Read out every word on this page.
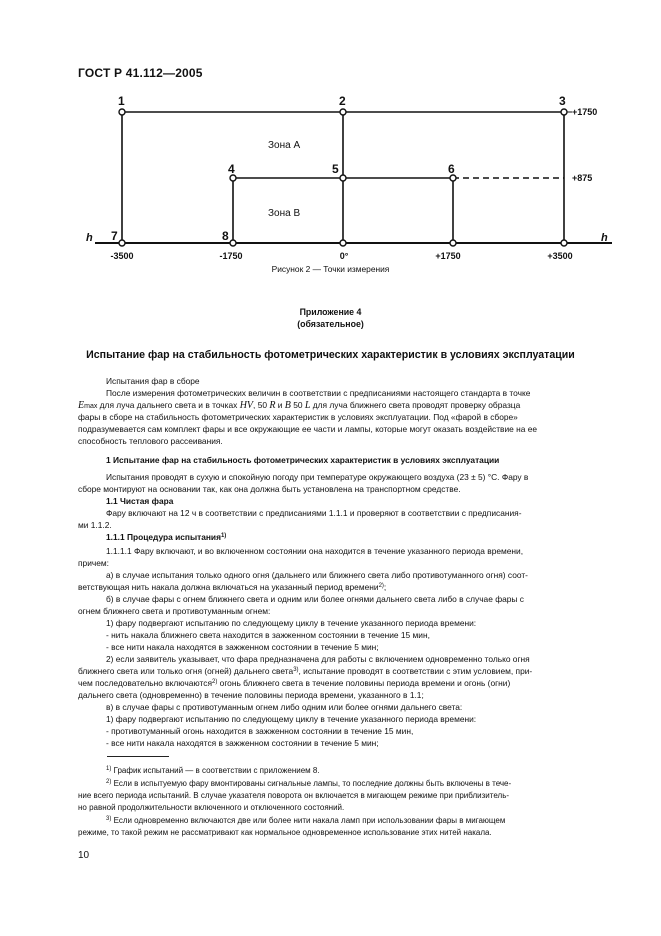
ГОСТ Р 41.112—2005
1	2	3
4	5	6
7	8
Зона A
Зона B
h	h
-3500	-1750	0°	+1750	+3500
+1750
+875
Рисунок 2 — Точки измерения
Приложение 4
(обязательное)
Испытание фар на стабильность фотометрических характеристик в условиях эксплуатации
Испытания фар в сборе
После измерения фотометрических величин в соответствии с предписаниями настоящего стандарта в точке
Emax для луча дальнего света и в точках HV, 50 R и B 50 L для луча ближнего света проводят проверку образца
фары в сборе на стабильность фотометрических характеристик в условиях эксплуатации. Под «фарой в сборе»
подразумевается сам комплект фары и все окружающие ее части и лампы, которые могут оказать воздействие на ее
способность теплового рассеивания.
1 Испытание фар на стабильность фотометрических характеристик в условиях эксплуатации
Испытания проводят в сухую и спокойную погоду при температуре окружающего воздуха (23 ± 5) °С. Фару в
сборе монтируют на основании так, как она должна быть установлена на транспортном средстве.
1.1 Чистая фара
Фару включают на 12 ч в соответствии с предписаниями 1.1.1 и проверяют в соответствии с предписания-
ми 1.1.2.
1.1.1 Процедура испытания$^{1)}$
1.1.1.1 Фару включают, и во включенном состоянии она находится в течение указанного периода времени,
причем:
а) в случае испытания только одного огня (дальнего или ближнего света либо противотуманного огня) соот-
ветствующая нить накала должна включаться на указанный период времени$^{2)}$;
б) в случае фары с огнем ближнего света и одним или более огнями дальнего света либо в случае фары с
огнем ближнего света и противотуманным огнем:
1) фару подвергают испытанию по следующему циклу в течение указанного периода времени:
- нить накала ближнего света находится в зажженном состоянии в течение 15 мин,
- все нити накала находятся в зажженном состоянии в течение 5 мин;
2) если заявитель указывает, что фара предназначена для работы с включением одновременно только огня
ближнего света или только огня (огней) дальнего света$^{3)}$, испытание проводят в соответствии с этим условием, при-
чем последовательно включаются$^{2)}$ огонь ближнего света в течение половины периода времени и огонь (огни)
дальнего света (одновременно) в течение половины периода времени, указанного в 1.1;
в) в случае фары с противотуманным огнем либо одним или более огнями дальнего света:
1) фару подвергают испытанию по следующему циклу в течение указанного периода времени:
- противотуманный огонь находится в зажженном состоянии в течение 15 мин,
- все нити накала находятся в зажженном состоянии в течение 5 мин;
$^{1)}$ График испытаний — в соответствии с приложением 8.
$^{2)}$ Если в испытуемую фару вмонтированы сигнальные лампы, то последние должны быть включены в тече-
ние всего периода испытаний. В случае указателя поворота он включается в мигающем режиме при приблизитель-
но равной продолжительности включенного и отключенного состояний.
$^{3)}$ Если одновременно включаются две или более нити накала ламп при использовании фары в мигающем
режиме, то такой режим не рассматривают как нормальное одновременное использование этих нитей накала.
10
